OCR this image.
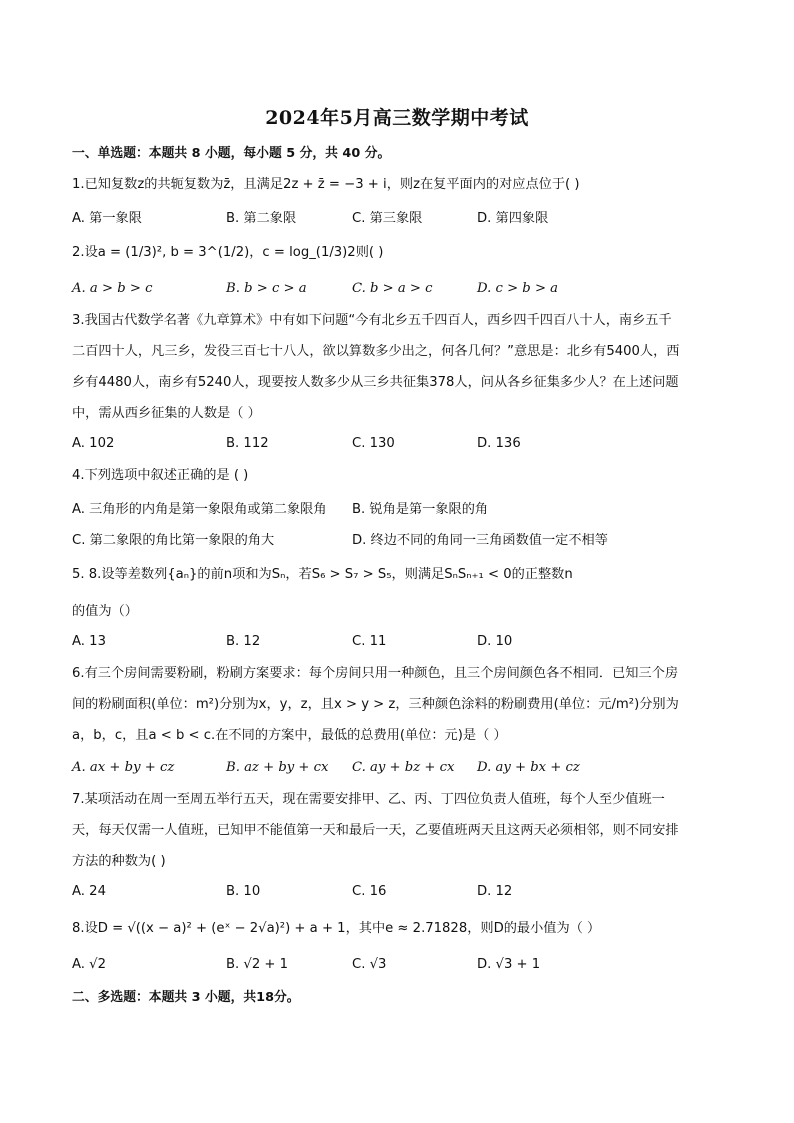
2024年5月高三数学期中考试
一、单选题：本题共 8 小题，每小题 5 分，共 40 分。
1.已知复数z的共轭复数为z̄，且满足2z + z̄ = −3 + i，则z在复平面内的对应点位于( )
A. 第一象限	B. 第二象限	C. 第三象限	D. 第四象限
2.设a = (1/3)², b = 3^(1/2)，c = log_(1/3)2则( )
A. a > b > c	B. b > c > a	C. b > a > c	D. c > b > a
3.我国古代数学名著《九章算术》中有如下问题“今有北乡五千四百人，西乡四千四百八十人，南乡五千
二百四十人，凡三乡，发役三百七十八人，欲以算数多少出之，何各几何？”意思是：北乡有5400人，西
乡有4480人，南乡有5240人，现要按人数多少从三乡共征集378人，问从各乡征集多少人？在上述问题
中，需从西乡征集的人数是（ ）
A. 102	B. 112	C. 130	D. 136
4.下列选项中叙述正确的是 ( )
A. 三角形的内角是第一象限角或第二象限角 B. 锐角是第一象限的角
C. 第二象限的角比第一象限的角大	D. 终边不同的角同一三角函数值一定不相等
5. 8.设等差数列{aₙ}的前n项和为Sₙ，若S₆ > S₇ > S₅，则满足SₙSₙ₊₁ < 0的正整数n
的值为（）
A. 13	B. 12	C. 11	D. 10
6.有三个房间需要粉刷，粉刷方案要求：每个房间只用一种颜色，且三个房间颜色各不相同．已知三个房
间的粉刷面积(单位：m²)分别为x，y，z，且x > y > z，三种颜色涂料的粉刷费用(单位：元/m²)分别为
a，b，c，且a < b < c.在不同的方案中，最低的总费用(单位：元)是（ ）
A. ax + by + cz	B. az + by + cx C. ay + bz + cx D. ay + bx + cz
7.某项活动在周一至周五举行五天，现在需要安排甲、乙、丙、丁四位负责人值班，每个人至少值班一
天，每天仅需一人值班，已知甲不能值第一天和最后一天，乙要值班两天且这两天必须相邻，则不同安排
方法的种数为( )
A. 24	B. 10	C. 16	D. 12
8.设D = √((x − a)² + (eˣ − 2√a)²) + a + 1，其中e ≈ 2.71828，则D的最小值为（ ）
A. √2	B. √2 + 1	C. √3	D. √3 + 1
二、多选题：本题共 3 小题，共18分。
